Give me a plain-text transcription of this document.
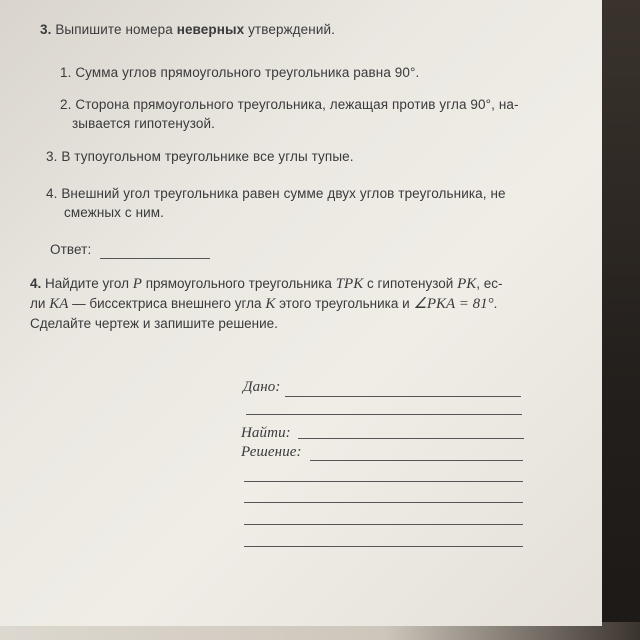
3. Выпишите номера неверных утверждений.

1. Сумма углов прямоугольного треугольника равна 90°.

2. Сторона прямоугольного треугольника, лежащая против угла 90°, на-

зывается гипотенузой.

3. В тупоугольном треугольнике все углы тупые.

4. Внешний угол треугольника равен сумме двух углов треугольника, не

смежных с ним.

Ответ:

4. Найдите угол P прямоугольного треугольника TPK с гипотенузой PK, ес-
ли KA — биссектриса внешнего угла K этого треугольника и ∠PKA = 81°.
Сделайте чертеж и запишите решение.

Дано:

Найти:

Решение:
